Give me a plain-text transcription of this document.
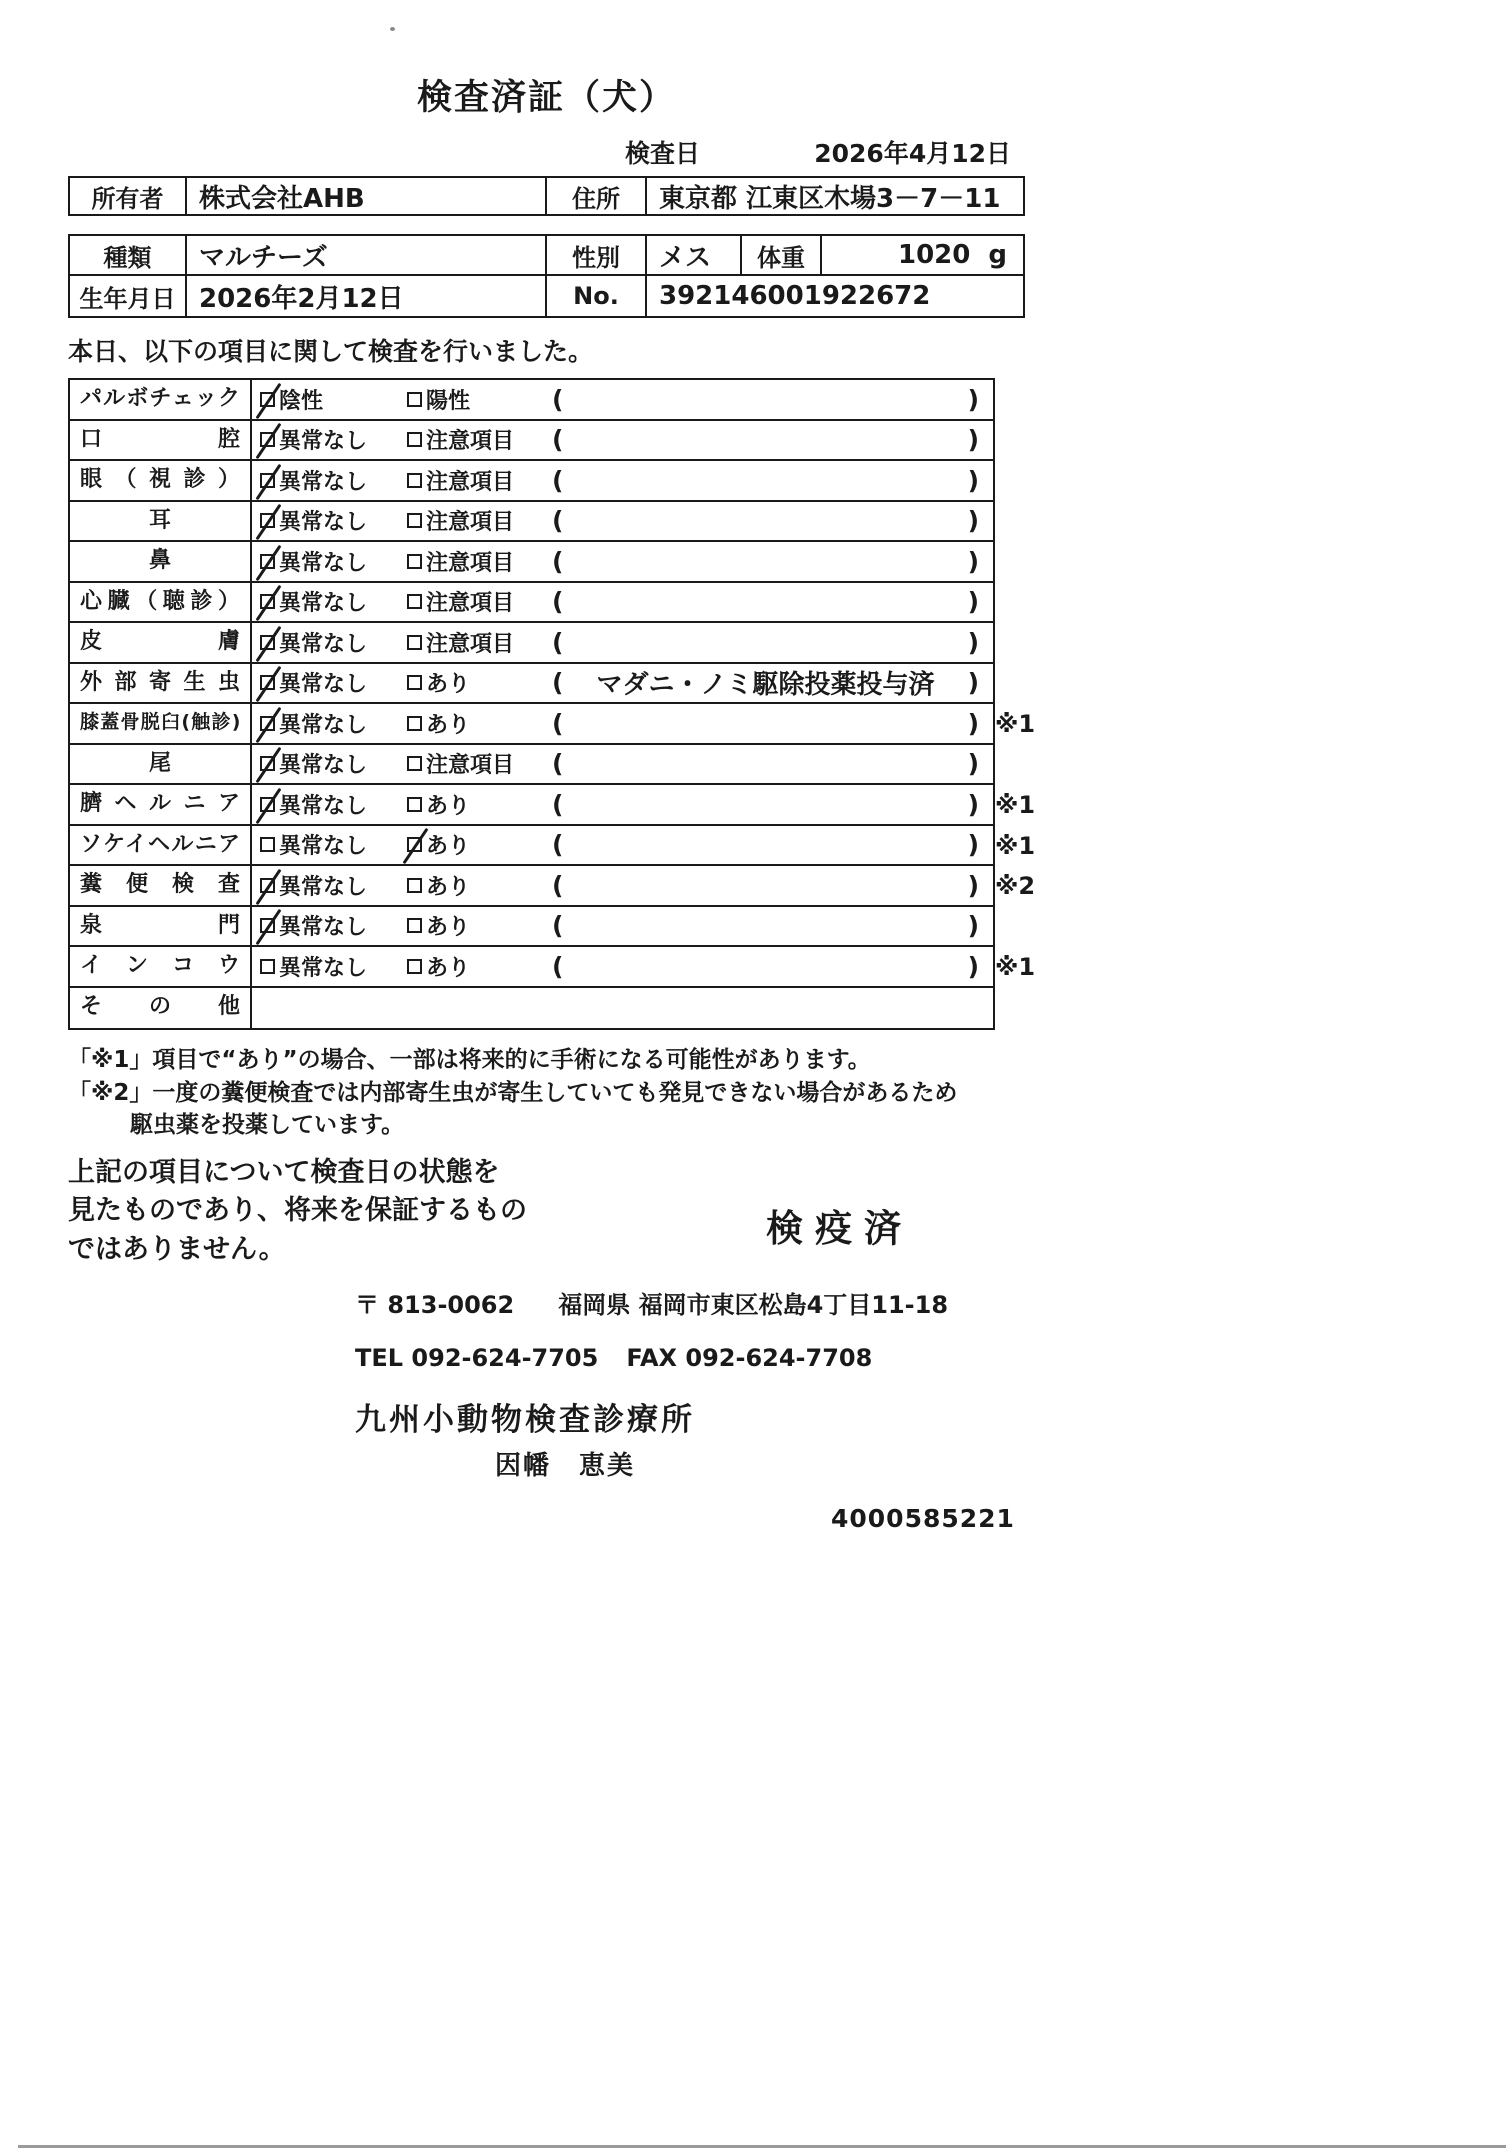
検査済証（犬）
検査日	2026年4月12日
所有者	株式会社AHB	住所	東京都 江東区木場3－7－11
種類	マルチーズ	性別	メス	体重	1020 g
生年月日 2026年2月12日	No.	392146001922672
本日、以下の項目に関して検査を行いました。
パルボチェック	陰性	陽性	(	)
口腔	異常なし	注意項目 (	)
眼（視診）	異常なし	注意項目 (	)
耳	異常なし	注意項目 (	)
鼻	異常なし	注意項目 (	)
心臓（聴診）	異常なし	注意項目 (	)
皮膚	異常なし	注意項目 (	)
外部寄生虫	異常なし	あり	(	マダニ・ノミ駆除投薬投与済	)
膝蓋骨脱臼(触診)	異常なし	あり	(	) ※1
尾	異常なし	注意項目 (	)
臍ヘルニア	異常なし	あり	(	) ※1
ソケイヘルニア	異常なし	あり	(	) ※1
糞便検査	異常なし	あり	(	) ※2
泉門	異常なし	あり	(	)
インコウ	異常なし	あり	(	) ※1
その他
「※1」項目で“あり”の場合、一部は将来的に手術になる可能性があります。
「※2」一度の糞便検査では内部寄生虫が寄生していても発見できない場合があるため
駆虫薬を投薬しています。
上記の項目について検査日の状態を
見たものであり、将来を保証するもの
ではありません。	検疫済
〒 813-0062 福岡県 福岡市東区松島4丁目11-18
TEL 092-624-7705 FAX 092-624-7708
九州小動物検査診療所
因幡　恵美
4000585221
